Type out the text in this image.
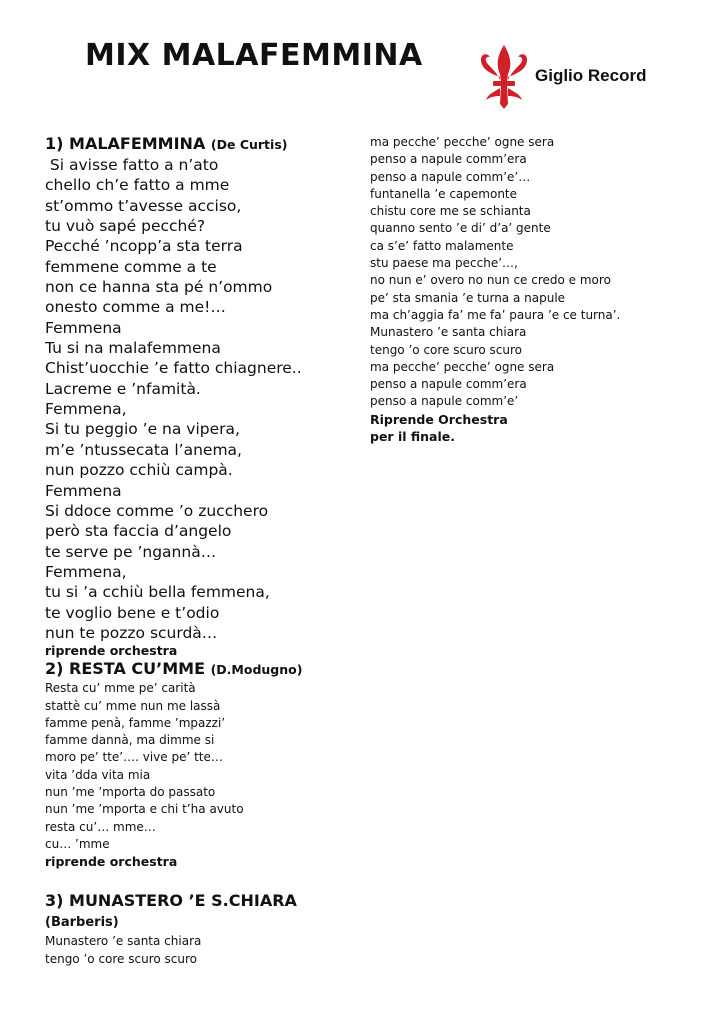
MIX MALAFEMMINA
Giglio Record
1) MALAFEMMINA (De Curtis)
Si avisse fatto a n’ato
chello ch’e fatto a mme
st’ommo t’avesse acciso,
tu vuò sapé pecché?
Pecché ’ncopp’a sta terra
femmene comme a te
non ce hanna sta pé n’ommo
onesto comme a me!…
Femmena
Tu si na malafemmena
Chist’uocchie ’e fatto chiagnere..
Lacreme e ’nfamità.
Femmena,
Si tu peggio ’e na vipera,
m’e ’ntussecata l’anema,
nun pozzo cchiù campà.
Femmena
Si ddoce comme ’o zucchero
però sta faccia d’angelo
te serve pe ’ngannà…
Femmena,
tu si ’a cchiù bella femmena,
te voglio bene e t’odio
nun te pozzo scurdà…
riprende orchestra
2) RESTA CU’MME (D.Modugno)
Resta cu’ mme pe’ carità
stattè cu’ mme nun me lassà
famme penà, famme ’mpazzi’
famme dannà, ma dimme si
moro pe’ tte’…. vive pe’ tte…
vita ’dda vita mia
nun ’me ’mporta do passato
nun ’me ’mporta e chi t’ha avuto
resta cu’… mme…
cu… ’mme
riprende orchestra
3) MUNASTERO ’E S.CHIARA
(Barberis)
Munastero ’e santa chiara
tengo ’o core scuro scuro
ma pecche’ pecche’ ogne sera
penso a napule comm’era
penso a napule comm’e’…
funtanella ’e capemonte
chistu core me se schianta
quanno sento ’e di’ d’a’ gente
ca s’e’ fatto malamente
stu paese ma pecche’…,
no nun e’ overo no nun ce credo e moro
pe’ sta smania ’e turna a napule
ma ch’aggia fa’ me fa’ paura ’e ce turna’.
Munastero ’e santa chiara
tengo ’o core scuro scuro
ma pecche’ pecche’ ogne sera
penso a napule comm’era
penso a napule comm’e’
Riprende Orchestra
per il finale.
